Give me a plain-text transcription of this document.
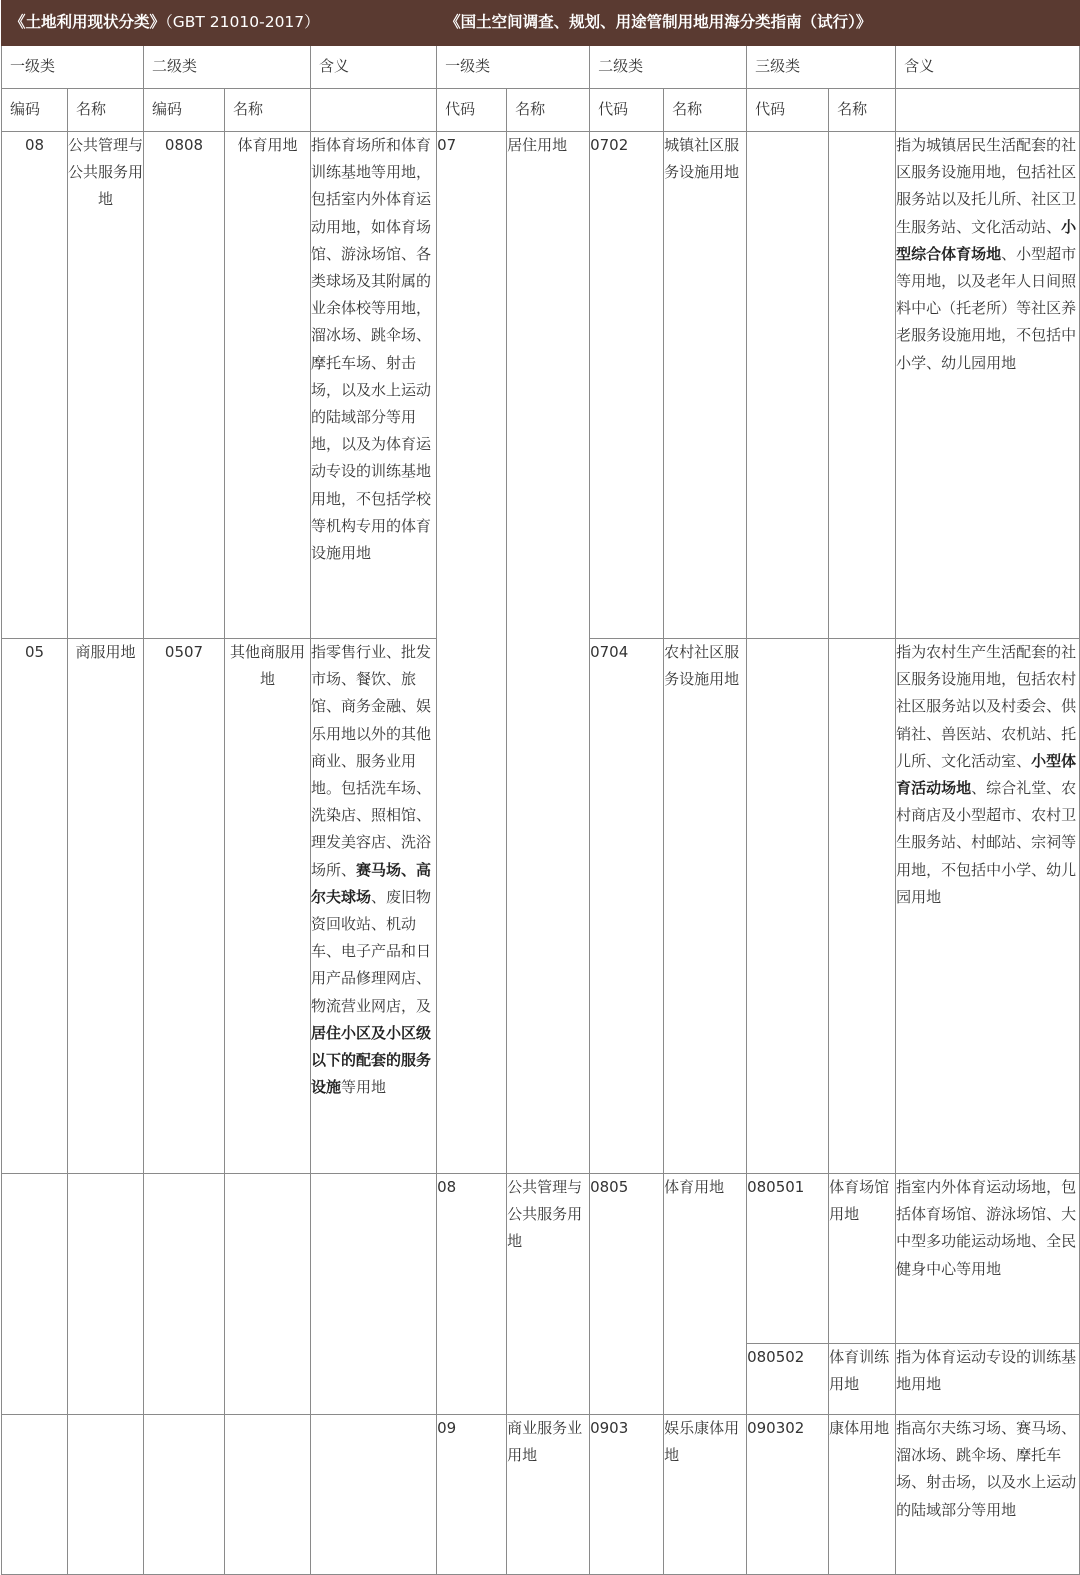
《土地利用现状分类》（GBT 21010-2017）					《国土空间调查、规划、用途管制用地用海分类指南（试行）》						
一级类		二级类		含义	一级类		二级类		三级类		含义
编码	名称	编码	名称		代码	名称	代码	名称	代码	名称	
08	公共管理与公共服务用地	0808	体育用地	指体育场所和体育训练基地等用地，包括室内外体育运动用地，如体育场馆、游泳场馆、各类球场及其附属的业余体校等用地，溜冰场、跳伞场、摩托车场、射击场，以及水上运动的陆域部分等用地，以及为体育运动专设的训练基地用地，不包括学校等机构专用的体育设施用地	07	居住用地	0702	城镇社区服务设施用地			指为城镇居民生活配套的社区服务设施用地，包括社区服务站以及托儿所、社区卫生服务站、文化活动站、小型综合体育场地、小型超市等用地，以及老年人日间照料中心（托老所）等社区养老服务设施用地，不包括中小学、幼儿园用地
05	商服用地	0507	其他商服用地	指零售行业、批发市场、餐饮、旅馆、商务金融、娱乐用地以外的其他商业、服务业用地。包括洗车场、洗染店、照相馆、理发美容店、洗浴场所、赛马场、高尔夫球场、废旧物资回收站、机动车、电子产品和日用产品修理网店、物流营业网店，及居住小区及小区级以下的配套的服务设施等用地			0704	农村社区服务设施用地			指为农村生产生活配套的社区服务设施用地，包括农村社区服务站以及村委会、供销社、兽医站、农机站、托儿所、文化活动室、小型体育活动场地、综合礼堂、农村商店及小型超市、农村卫生服务站、村邮站、宗祠等用地，不包括中小学、幼儿园用地
					08	公共管理与公共服务用地	0805	体育用地	080501	体育场馆用地	指室内外体育运动场地，包括体育场馆、游泳场馆、大中型多功能运动场地、全民健身中心等用地
									080502	体育训练用地	指为体育运动专设的训练基地用地
					09	商业服务业用地	0903	娱乐康体用地	090302	康体用地	指高尔夫练习场、赛马场、溜冰场、跳伞场、摩托车场、射击场，以及水上运动的陆域部分等用地
